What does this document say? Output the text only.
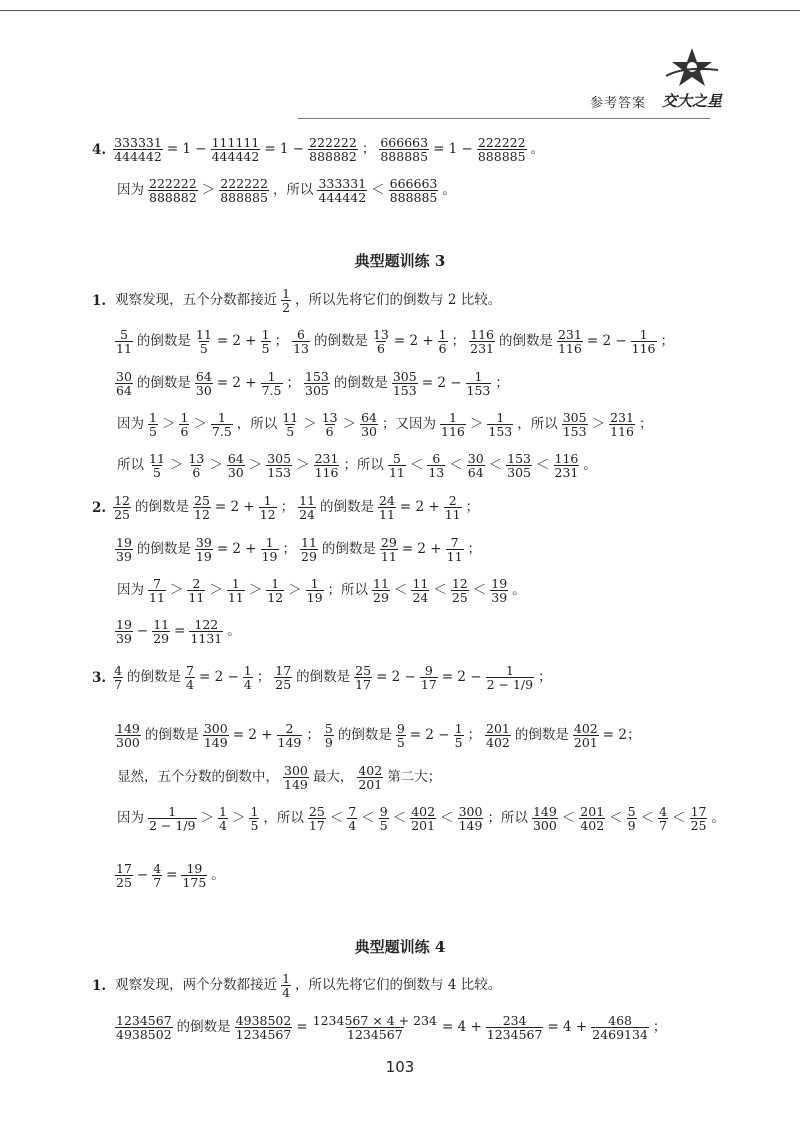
参考答案 交大之星
4. $\frac{333331}{444442} = 1 - \frac{111111}{444442} = 1 - \frac{222222}{888882}$ ； $\frac{666663}{888885} = 1 - \frac{222222}{888885}$ 。
因为 $\frac{222222}{888882} > \frac{222222}{888885}$ ，所以 $\frac{333331}{444442} < \frac{666663}{888885}$ 。
典型题训练 3
1. 观察发现，五个分数都接近 $\frac{1}{2}$ ，所以先将它们的倒数与 2 比较。
$\frac{5}{11}$ 的倒数是 $\frac{11}{5} = 2 + \frac{1}{5}$ ； $\frac{6}{13}$ 的倒数是 $\frac{13}{6} = 2 + \frac{1}{6}$ ； $\frac{116}{231}$ 的倒数是 $\frac{231}{116} = 2 - \frac{1}{116}$ ；
$\frac{30}{64}$ 的倒数是 $\frac{64}{30} = 2 + \frac{1}{7.5}$ ； $\frac{153}{305}$ 的倒数是 $\frac{305}{153} = 2 - \frac{1}{153}$ ；
因为 $\frac{1}{5} > \frac{1}{6} > \frac{1}{7.5}$ ，所以 $\frac{11}{5} > \frac{13}{6} > \frac{64}{30}$ ；又因为 $\frac{1}{116} > \frac{1}{153}$ ，所以 $\frac{305}{153} > \frac{231}{116}$ ；
所以 $\frac{11}{5} > \frac{13}{6} > \frac{64}{30} > \frac{305}{153} > \frac{231}{116}$ ；所以 $\frac{5}{11} < \frac{6}{13} < \frac{30}{64} < \frac{153}{305} < \frac{116}{231}$ 。
2. $\frac{12}{25}$ 的倒数是 $\frac{25}{12} = 2 + \frac{1}{12}$ ； $\frac{11}{24}$ 的倒数是 $\frac{24}{11} = 2 + \frac{2}{11}$ ；
$\frac{19}{39}$ 的倒数是 $\frac{39}{19} = 2 + \frac{1}{19}$ ； $\frac{11}{29}$ 的倒数是 $\frac{29}{11} = 2 + \frac{7}{11}$ ；
因为 $\frac{7}{11} > \frac{2}{11} > \frac{1}{11} > \frac{1}{12} > \frac{1}{19}$ ；所以 $\frac{11}{29} < \frac{11}{24} < \frac{12}{25} < \frac{19}{39}$ 。
$\frac{19}{39} - \frac{11}{29} = \frac{122}{1131}$ 。
3. $\frac{4}{7}$ 的倒数是 $\frac{7}{4} = 2 - \frac{1}{4}$ ； $\frac{17}{25}$ 的倒数是 $\frac{25}{17} = 2 - \frac{9}{17} = 2 - \frac{1}{2 - 1/9}$ ；
$\frac{149}{300}$ 的倒数是 $\frac{300}{149} = 2 + \frac{2}{149}$ ； $\frac{5}{9}$ 的倒数是 $\frac{9}{5} = 2 - \frac{1}{5}$ ； $\frac{201}{402}$ 的倒数是 $\frac{402}{201} = 2$；
显然，五个分数的倒数中， $\frac{300}{149}$ 最大， $\frac{402}{201}$ 第二大；
因为 $\frac{1}{2 - 1/9} > \frac{1}{4} > \frac{1}{5}$ ，所以 $\frac{25}{17} < \frac{7}{4} < \frac{9}{5} < \frac{402}{201} < \frac{300}{149}$ ；所以 $\frac{149}{300} < \frac{201}{402} < \frac{5}{9} < \frac{4}{7} < \frac{17}{25}$ 。
$\frac{17}{25} - \frac{4}{7} = \frac{19}{175}$ 。
典型题训练 4
1. 观察发现，两个分数都接近 $\frac{1}{4}$ ，所以先将它们的倒数与 4 比较。
$\frac{1234567}{4938502}$ 的倒数是 $\frac{4938502}{1234567} = \frac{1234567 \times 4 + 234}{1234567} = 4 + \frac{234}{1234567} = 4 + \frac{468}{2469134}$ ；
103
